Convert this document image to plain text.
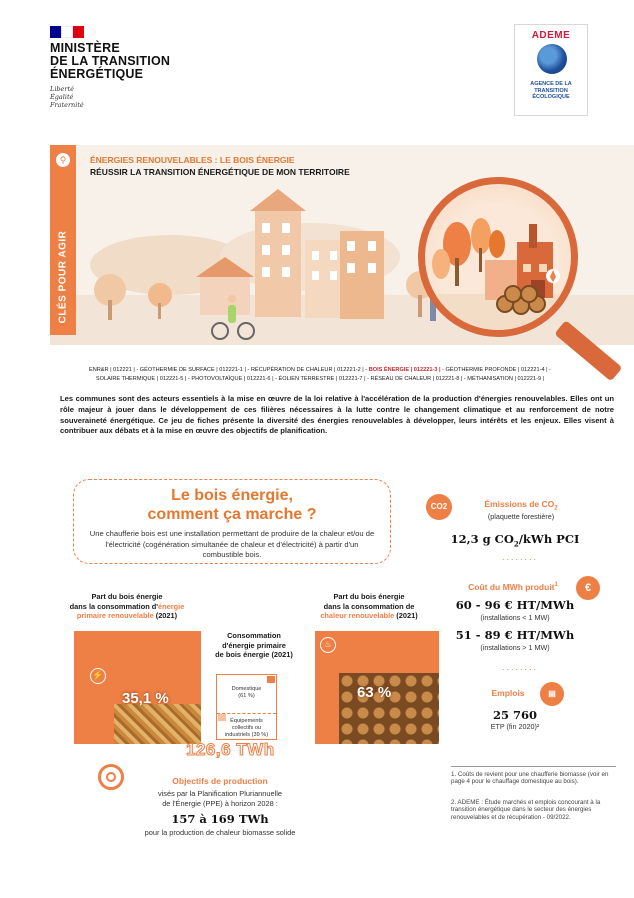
MINISTÈRE
DE LA TRANSITION
ÉNERGÉTIQUE
Liberté
Égalité
Fraternité
ADEME
AGENCE DE LA
TRANSITION
ÉCOLOGIQUE
⚲
CLÉS POUR AGIR
ÉNERGIES RENOUVELABLES : LE BOIS ÉNERGIE
RÉUSSIR LA TRANSITION ÉNERGÉTIQUE DE MON TERRITOIRE
ENR&R | 012221 | - GÉOTHERMIE DE SURFACE | 012221-1 | - RÉCUPÉRATION DE CHALEUR | 012221-2 | - BOIS ÉNERGIE | 012221-3 | - GÉOTHERMIE PROFONDE | 012221-4 | -
SOLAIRE THERMIQUE | 012221-5 | - PHOTOVOLTAÏQUE | 012221-6 | - ÉOLIEN TERRESTRE | 012221-7 | - RÉSEAU DE CHALEUR | 012221-8 | - MÉTHANISATION | 012221-9 |
Les communes sont des acteurs essentiels à la mise en œuvre de la loi relative à l'accélération de la production d'énergies renouvelables. Elles ont un rôle majeur à jouer dans le développement de ces filières nécessaires à la lutte contre le changement climatique et au renforcement de notre souveraineté énergétique. Ce jeu de fiches présente la diversité des énergies renouvelables à développer, leurs intérêts et les enjeux. Elles visent à contribuer aux débats et à la mise en œuvre des objectifs de planification.
Le bois énergie,
comment ça marche ?
Une chaufferie bois est une installation permettant de produire de la chaleur et/ou de l'électricité (cogénération simultanée de chaleur et d'électricité) à partir d'un combustible bois.
Part du bois énergie
dans la consommation d'énergie
primaire renouvelable (2021)
⚡
35,1 %
Consommation
d'énergie primaire
de bois énergie (2021)
Domestique
(61 %)
Équipements
collectifs ou
industriels (39 %)
126,6 TWh
Part du bois énergie
dans la consommation de
chaleur renouvelable (2021)
♨
63 %
CO2	Émissions de $CO_2$
(plaquette forestière)
12,3 g $CO_2$/kWh PCI
........
Coût du MWh produit$^1$	€
60 - 96 € HT/MWh
(installations < 1 MW)
51 - 89 € HT/MWh
(installations > 1 MW)
........
Emplois	▤
25 760
ETP (fin 2020)²
Objectifs de production
visés par la Planification Pluriannuelle
de l'Énergie (PPE) à horizon 2028 :
157 à 169 TWh
pour la production de chaleur biomasse solide
1. Coûts de revient pour une chaufferie biomasse (voir en page 4 pour le chauffage domestique au bois).
2. ADEME : Étude marchés et emplois concourant à la transition énergétique dans le secteur des énergies renouvelables et de récupération - 09/2022.
